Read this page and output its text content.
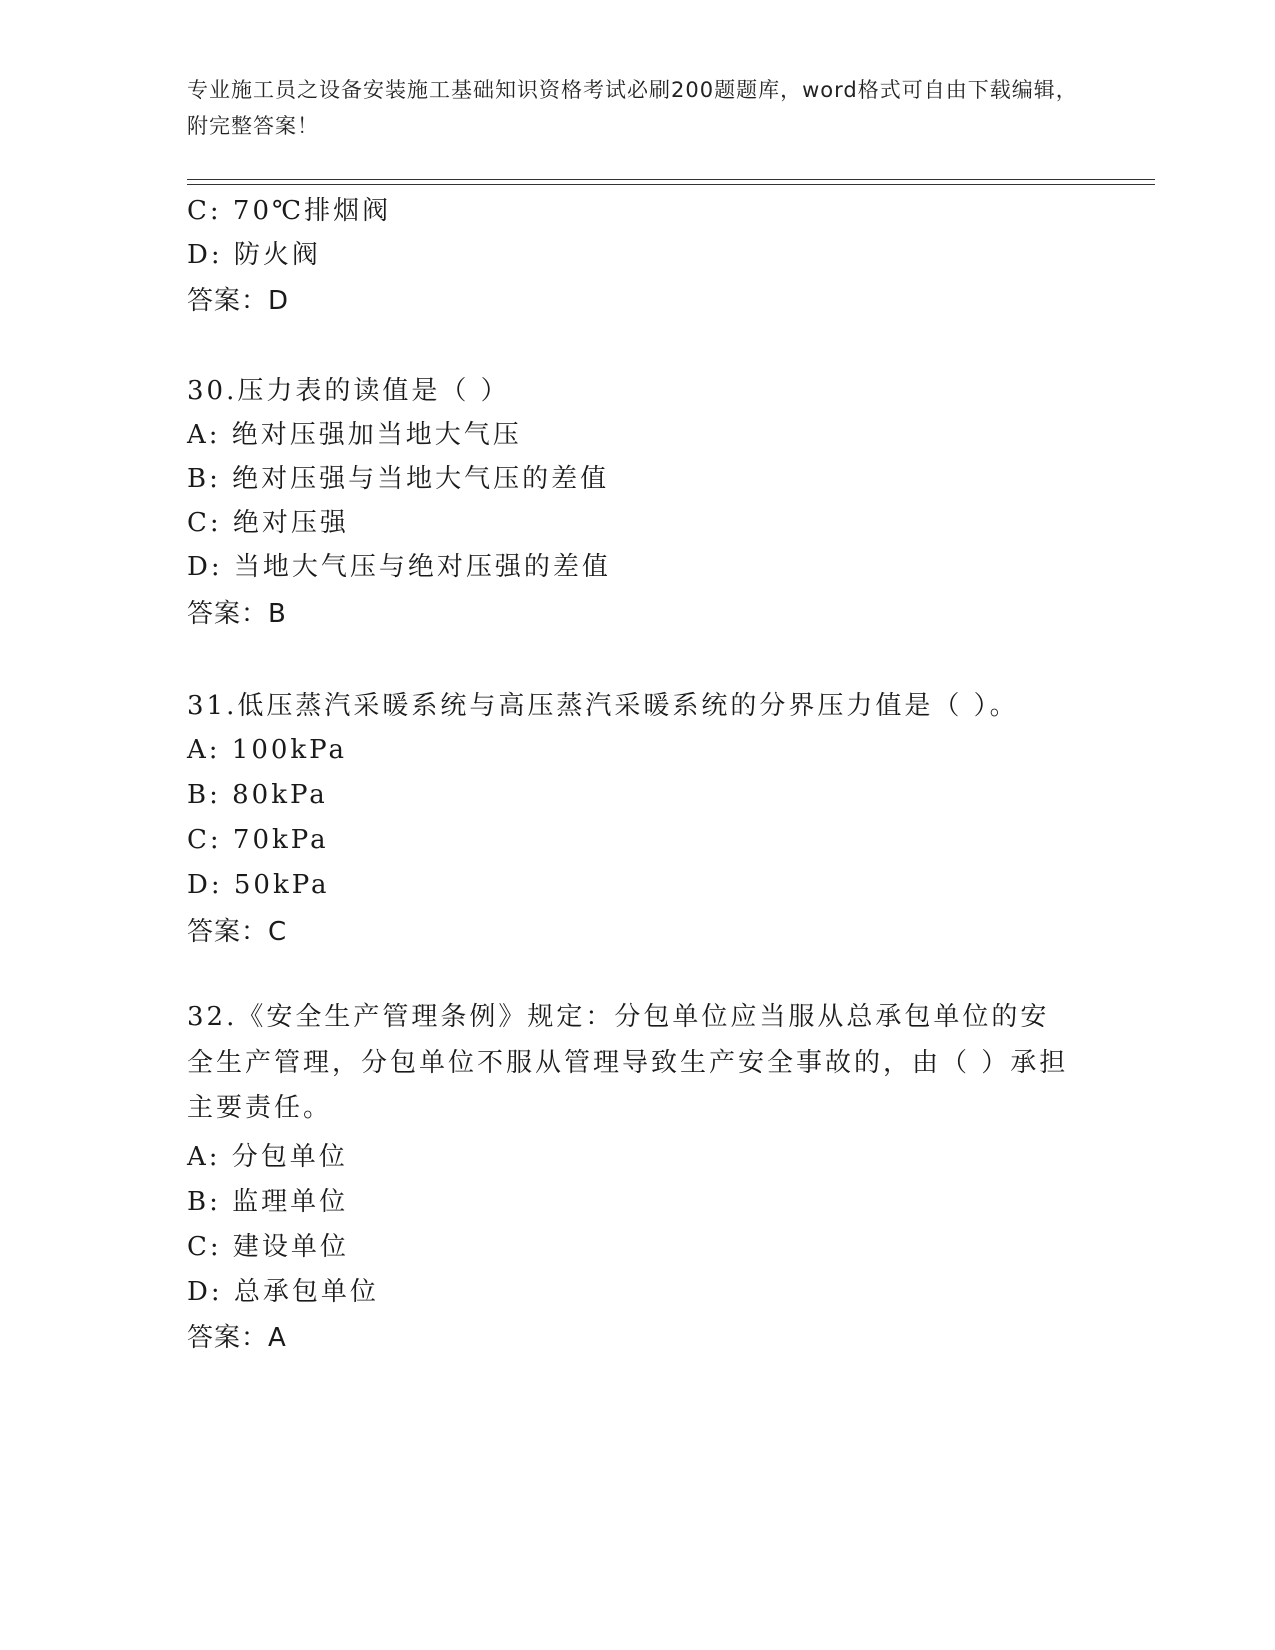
专业施工员之设备安装施工基础知识资格考试必刷200题题库，word格式可自由下载编辑，附完整答案！
C: 70℃排烟阀
D: 防火阀
答案：D
30.压力表的读值是（ ）
A: 绝对压强加当地大气压
B: 绝对压强与当地大气压的差值
C: 绝对压强
D: 当地大气压与绝对压强的差值
答案：B
31.低压蒸汽采暖系统与高压蒸汽采暖系统的分界压力值是（ ）。
A: 100kPa
B: 80kPa
C: 70kPa
D: 50kPa
答案：C
32.《安全生产管理条例》规定：分包单位应当服从总承包单位的安全生产管理，分包单位不服从管理导致生产安全事故的，由（ ）承担主要责任。
A: 分包单位
B: 监理单位
C: 建设单位
D: 总承包单位
答案：A
